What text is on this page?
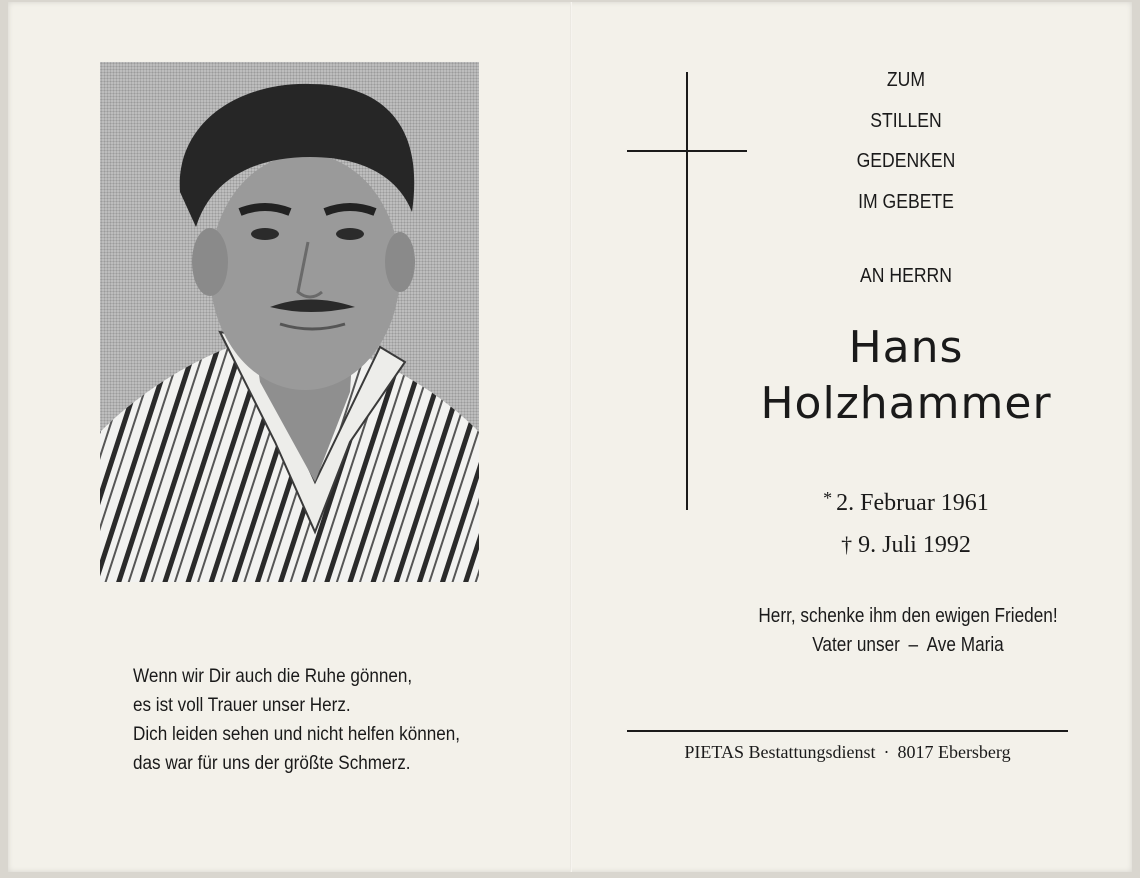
Wenn wir Dir auch die Ruhe gönnen,
es ist voll Trauer unser Herz.
Dich leiden sehen und nicht helfen können,
das war für uns der größte Schmerz.
ZUM
STILLEN
GEDENKEN
IM GEBETE
AN HERRN
Hans
Holzhammer
* 2. Februar 1961
† 9. Juli 1992
Herr, schenke ihm den ewigen Frieden!
Vater unser – Ave Maria
PIETAS Bestattungsdienst · 8017 Ebersberg
